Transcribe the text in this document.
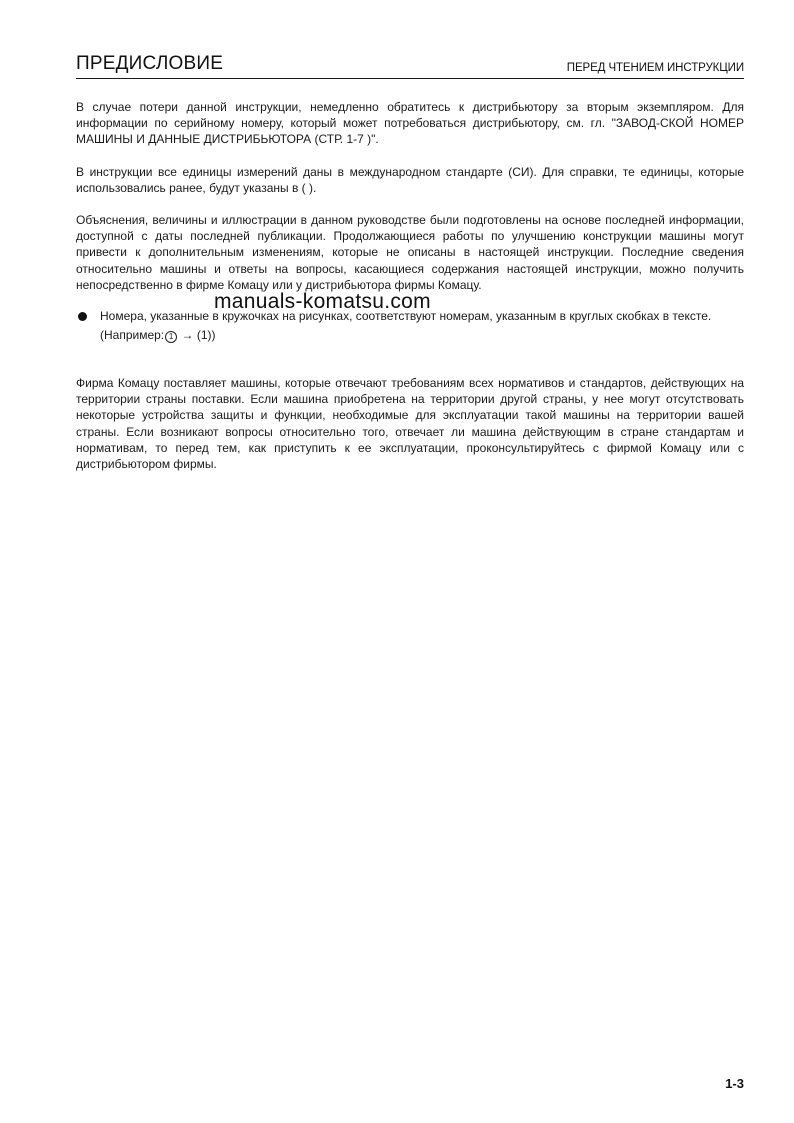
ПРЕДИСЛОВИЕ	ПЕРЕД ЧТЕНИЕМ ИНСТРУКЦИИ

В случае потери данной инструкции, немедленно обратитесь к дистрибьютору за вторым экземпляром. Для информации по серийному номеру, который может потребоваться дистрибьютору, см. гл. "ЗАВОД-СКОЙ НОМЕР МАШИНЫ И ДАННЫЕ ДИСТРИБЬЮТОРА (СТР. 1-7 )".

В инструкции все единицы измерений даны в международном стандарте (СИ). Для справки, те единицы, которые использовались ранее, будут указаны в ( ).

Объяснения, величины и иллюстрации в данном руководстве были подготовлены на основе последней информации, доступной с даты последней публикации. Продолжающиеся работы по улучшению конструкции машины могут привести к дополнительным изменениям, которые не описаны в настоящей инструкции. Последние сведения относительно машины и ответы на вопросы, касающиеся содержания настоящей инструкции, можно получить непосредственно в фирме Комацу или у дистрибьютора фирмы Комацу.

Номера, указанные в кружочках на рисунках, соответствуют номерам, указанным в круглых скобках в тексте.
(Например: 1 → (1))
manuals-komatsu.com

Фирма Комацу поставляет машины, которые отвечают требованиям всех нормативов и стандартов, действующих на территории страны поставки. Если машина приобретена на территории другой страны, у нее могут отсутствовать некоторые устройства защиты и функции, необходимые для эксплуатации такой машины на территории вашей страны. Если возникают вопросы относительно того, отвечает ли машина действующим в стране стандартам и нормативам, то перед тем, как приступить к ее эксплуатации, проконсультируйтесь с фирмой Комацу или с дистрибьютором фирмы.

1-3
